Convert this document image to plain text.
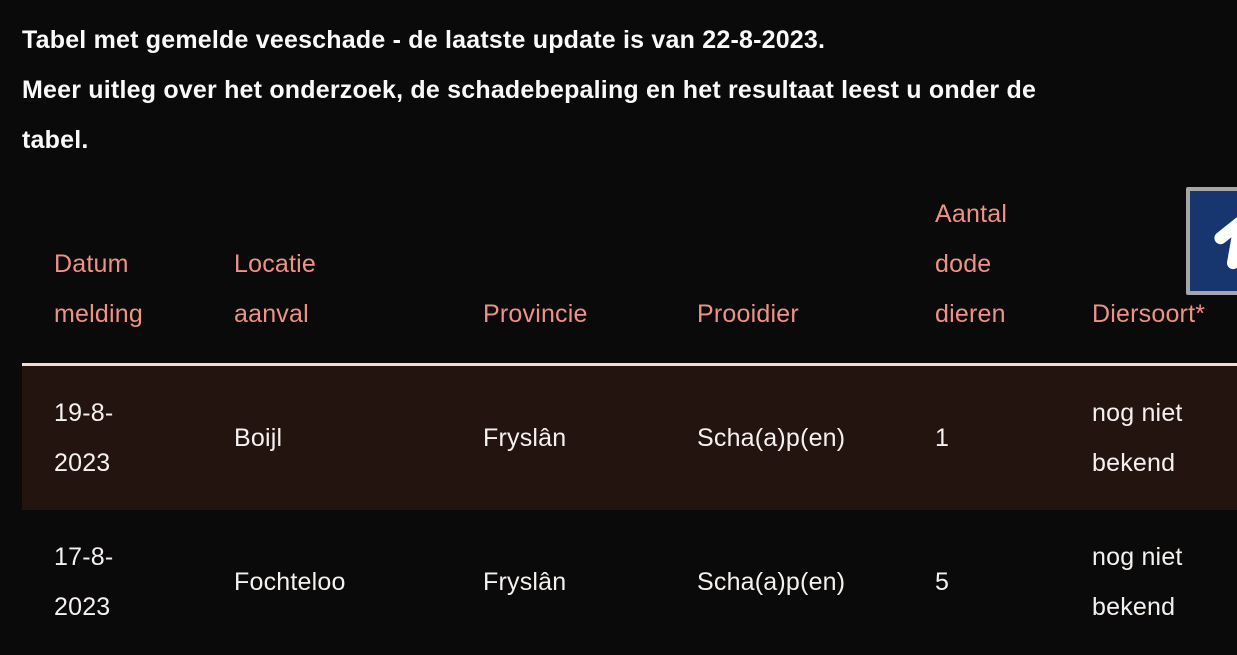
Tabel met gemelde veeschade - de laatste update is van 22-8-2023.

Meer uitleg over het onderzoek, de schadebepaling en het resultaat leest u onder de
tabel.

Datum melding	Locatie aanval	Provincie	Prooidier	Aantal dode dieren	Diersoort*

19-8-2023	Boijl	Fryslân	Scha(a)p(en)	1	nog niet bekend

17-8-2023	Fochteloo	Fryslân	Scha(a)p(en)	5	nog niet bekend
